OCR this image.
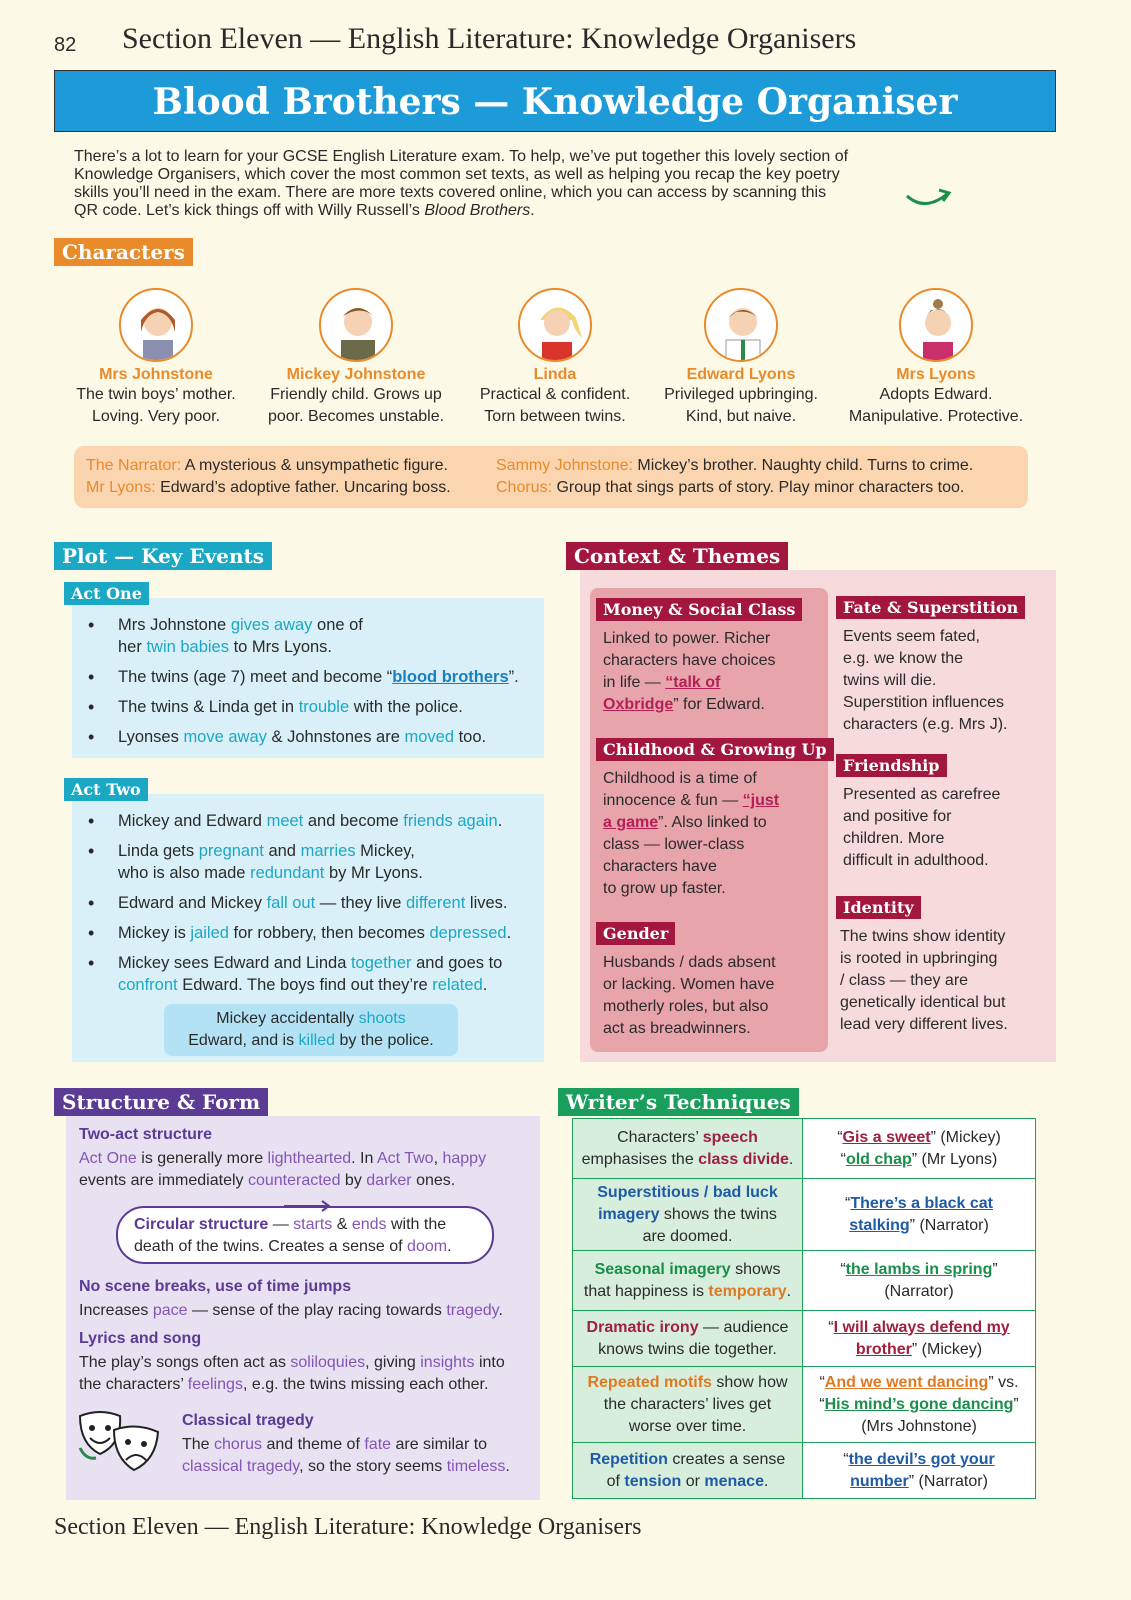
82 Section Eleven — English Literature: Knowledge Organisers
Blood Brothers — Knowledge Organiser
There’s a lot to learn for your GCSE English Literature exam. To help, we’ve put together this lovely section of
Knowledge Organisers, which cover the most common set texts, as well as helping you recap the key poetry
skills you’ll need in the exam. There are more texts covered online, which you can access by scanning this
QR code. Let’s kick things off with Willy Russell’s Blood Brothers.
Characters
Mrs Johnstone
The twin boys’ mother.
Loving. Very poor.
Mickey Johnstone
Friendly child. Grows up
poor. Becomes unstable.
Linda
Practical & confident.
Torn between twins.
Edward Lyons
Privileged upbringing.
Kind, but naive.
Mrs Lyons
Adopts Edward.
Manipulative. Protective.
The Narrator: A mysterious & unsympathetic figure.
Mr Lyons: Edward’s adoptive father. Uncaring boss.
Sammy Johnstone: Mickey’s brother. Naughty child. Turns to crime.
Chorus: Group that sings parts of story. Play minor characters too.
Plot — Key Events
• Mrs Johnstone gives away one of
her twin babies to Mrs Lyons.
• The twins (age 7) meet and become “blood brothers”.
• The twins & Linda get in trouble with the police.
• Lyonses move away & Johnstones are moved too.
Act One
• Mickey and Edward meet and become friends again.
• Linda gets pregnant and marries Mickey,
who is also made redundant by Mr Lyons.
• Edward and Mickey fall out — they live different lives.
• Mickey is jailed for robbery, then becomes depressed.
• Mickey sees Edward and Linda together and goes to
confront Edward. The boys find out they’re related.
Act Two
Mickey accidentally shoots
Edward, and is killed by the police.
Context & Themes
Money & Social Class
Linked to power. Richer
characters have choices
in life — “talk of
Oxbridge” for Edward.
Childhood & Growing Up
Childhood is a time of
innocence & fun — “just
a game”. Also linked to
class — lower-class
characters have
to grow up faster.
Gender
Husbands / dads absent
or lacking. Women have
motherly roles, but also
act as breadwinners.
Fate & Superstition
Events seem fated,
e.g. we know the
twins will die.
Superstition influences
characters (e.g. Mrs J).
Friendship
Presented as carefree
and positive for
children. More
difficult in adulthood.
Identity
The twins show identity
is rooted in upbringing
/ class — they are
genetically identical but
lead very different lives.
Structure & Form
Two-act structure
Act One is generally more lighthearted. In Act Two, happy
events are immediately counteracted by darker ones.
Circular structure — starts & ends with the
death of the twins. Creates a sense of doom.
No scene breaks, use of time jumps
Increases pace — sense of the play racing towards tragedy.
Lyrics and song
The play’s songs often act as soliloquies, giving insights into
the characters’ feelings, e.g. the twins missing each other.
Classical tragedy
The chorus and theme of fate are similar to
classical tragedy, so the story seems timeless.
Writer’s Techniques
Characters’ speech
emphasises the class divide.	“Gis a sweet” (Mickey)
“old chap” (Mr Lyons)
Superstitious / bad luck
imagery shows the twins
are doomed.	“There’s a black cat
stalking” (Narrator)
Seasonal imagery shows
that happiness is temporary.	“the lambs in spring”
(Narrator)
Dramatic irony — audience
knows twins die together.	“I will always defend my
brother” (Mickey)
Repeated motifs show how
the characters’ lives get
worse over time.	“And we went dancing” vs.
“His mind’s gone dancing”
(Mrs Johnstone)
Repetition creates a sense
of tension or menace.	“the devil’s got your
number” (Narrator)
Section Eleven — English Literature: Knowledge Organisers
